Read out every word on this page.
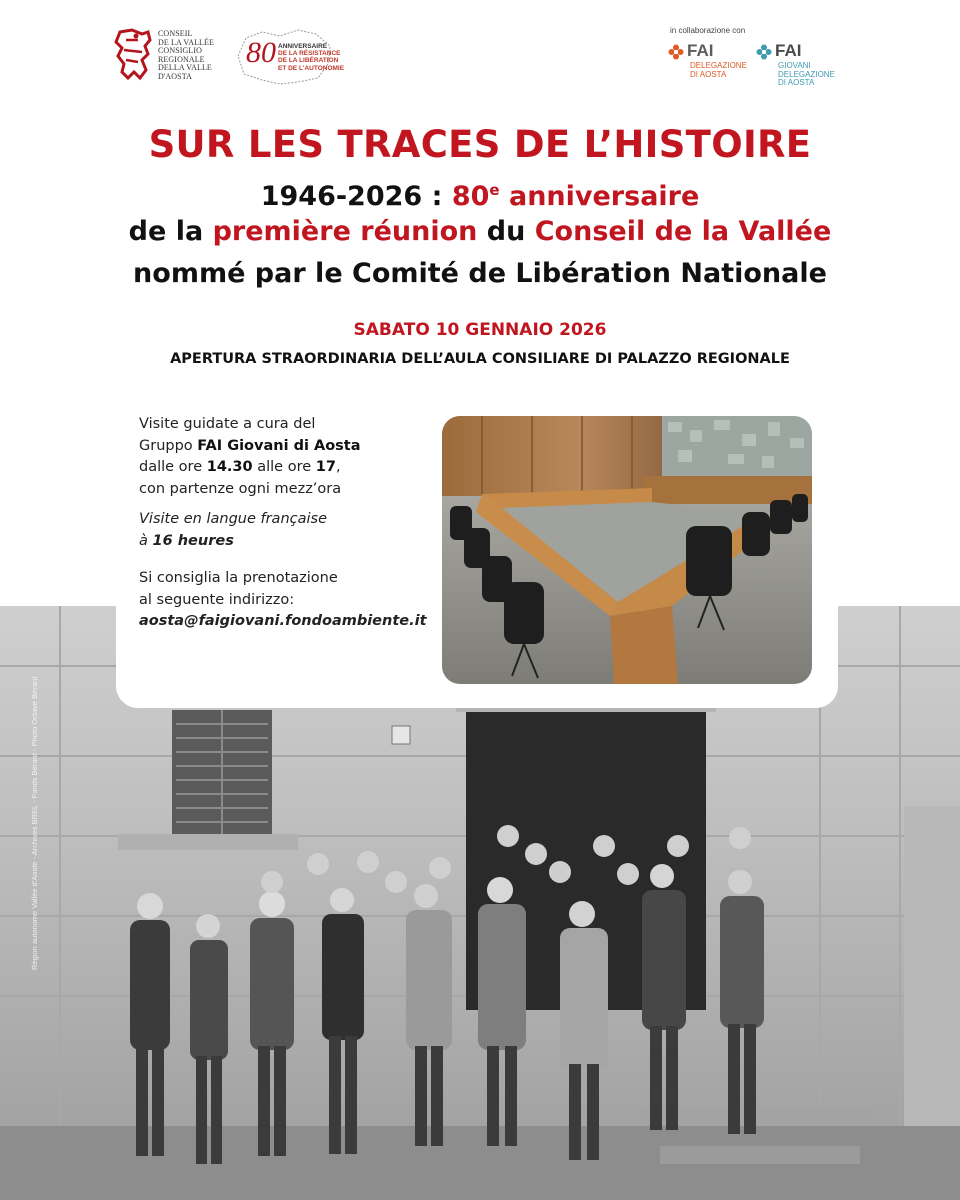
CONSEIL
DE LA VALLÉE
CONSIGLIO
REGIONALE
DELLA VALLE
D'AOSTA
80 ANNIVERSAIRE
DE LA RÉSISTANCE
DE LA LIBÉRATION
ET DE L'AUTONOMIE
in collaborazione con
FAI
DELEGAZIONE
DI AOSTA
FAI
GIOVANI
DELEGAZIONE
DI AOSTA
SUR LES TRACES DE L’HISTOIRE
1946-2026 : 80e anniversaire
de la première réunion du Conseil de la Vallée
nommé par le Comité de Libération Nationale
SABATO 10 GENNAIO 2026
APERTURA STRAORDINARIA DELL’AULA CONSILIARE DI PALAZZO REGIONALE
Région autonome Vallée d'Aoste - Archives BREL - Fonds Bérard - Photo Octave Bérard

Visite guidate a cura del

Gruppo FAI Giovani di Aosta

dalle ore 14.30 alle ore 17,

con partenze ogni mezz’ora

Visite en langue française

à 16 heures

Si consiglia la prenotazione

al seguente indirizzo:

aosta@faigiovani.fondoambiente.it
